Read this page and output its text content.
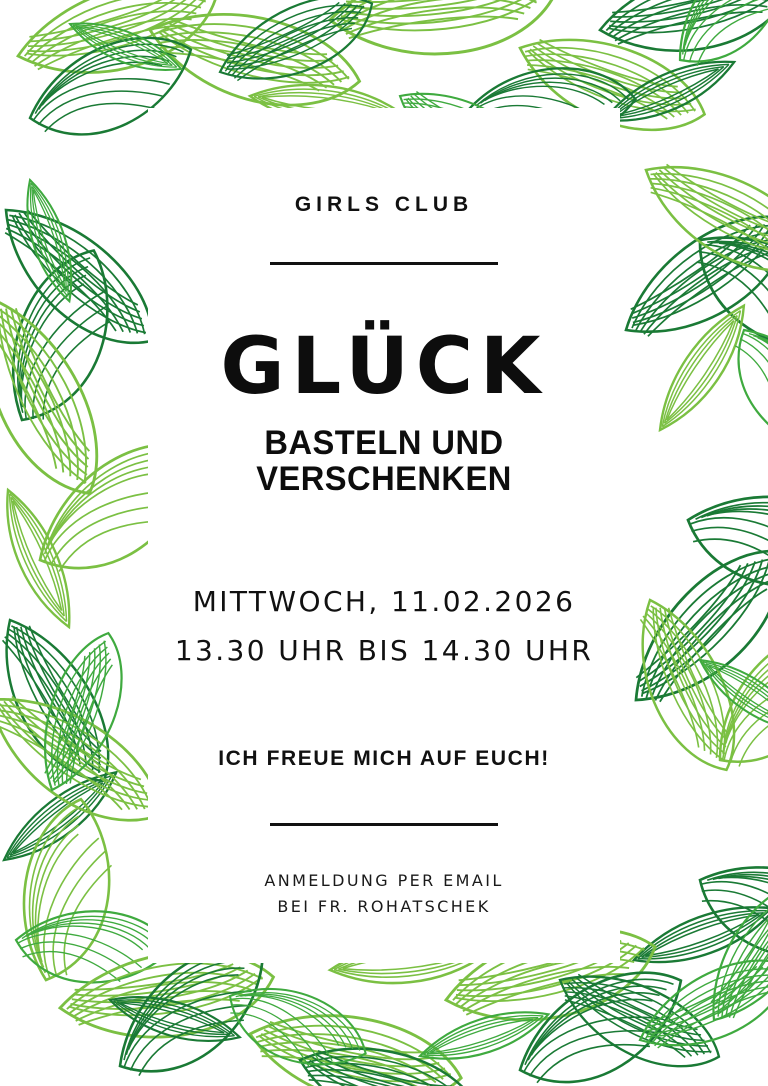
GIRLS CLUB
GLÜCK
BASTELN UND VERSCHENKEN
MITTWOCH, 11.02.2026
13.30 UHR BIS 14.30 UHR
ICH FREUE MICH AUF EUCH!
ANMELDUNG PER EMAIL
BEI FR. ROHATSCHEK
